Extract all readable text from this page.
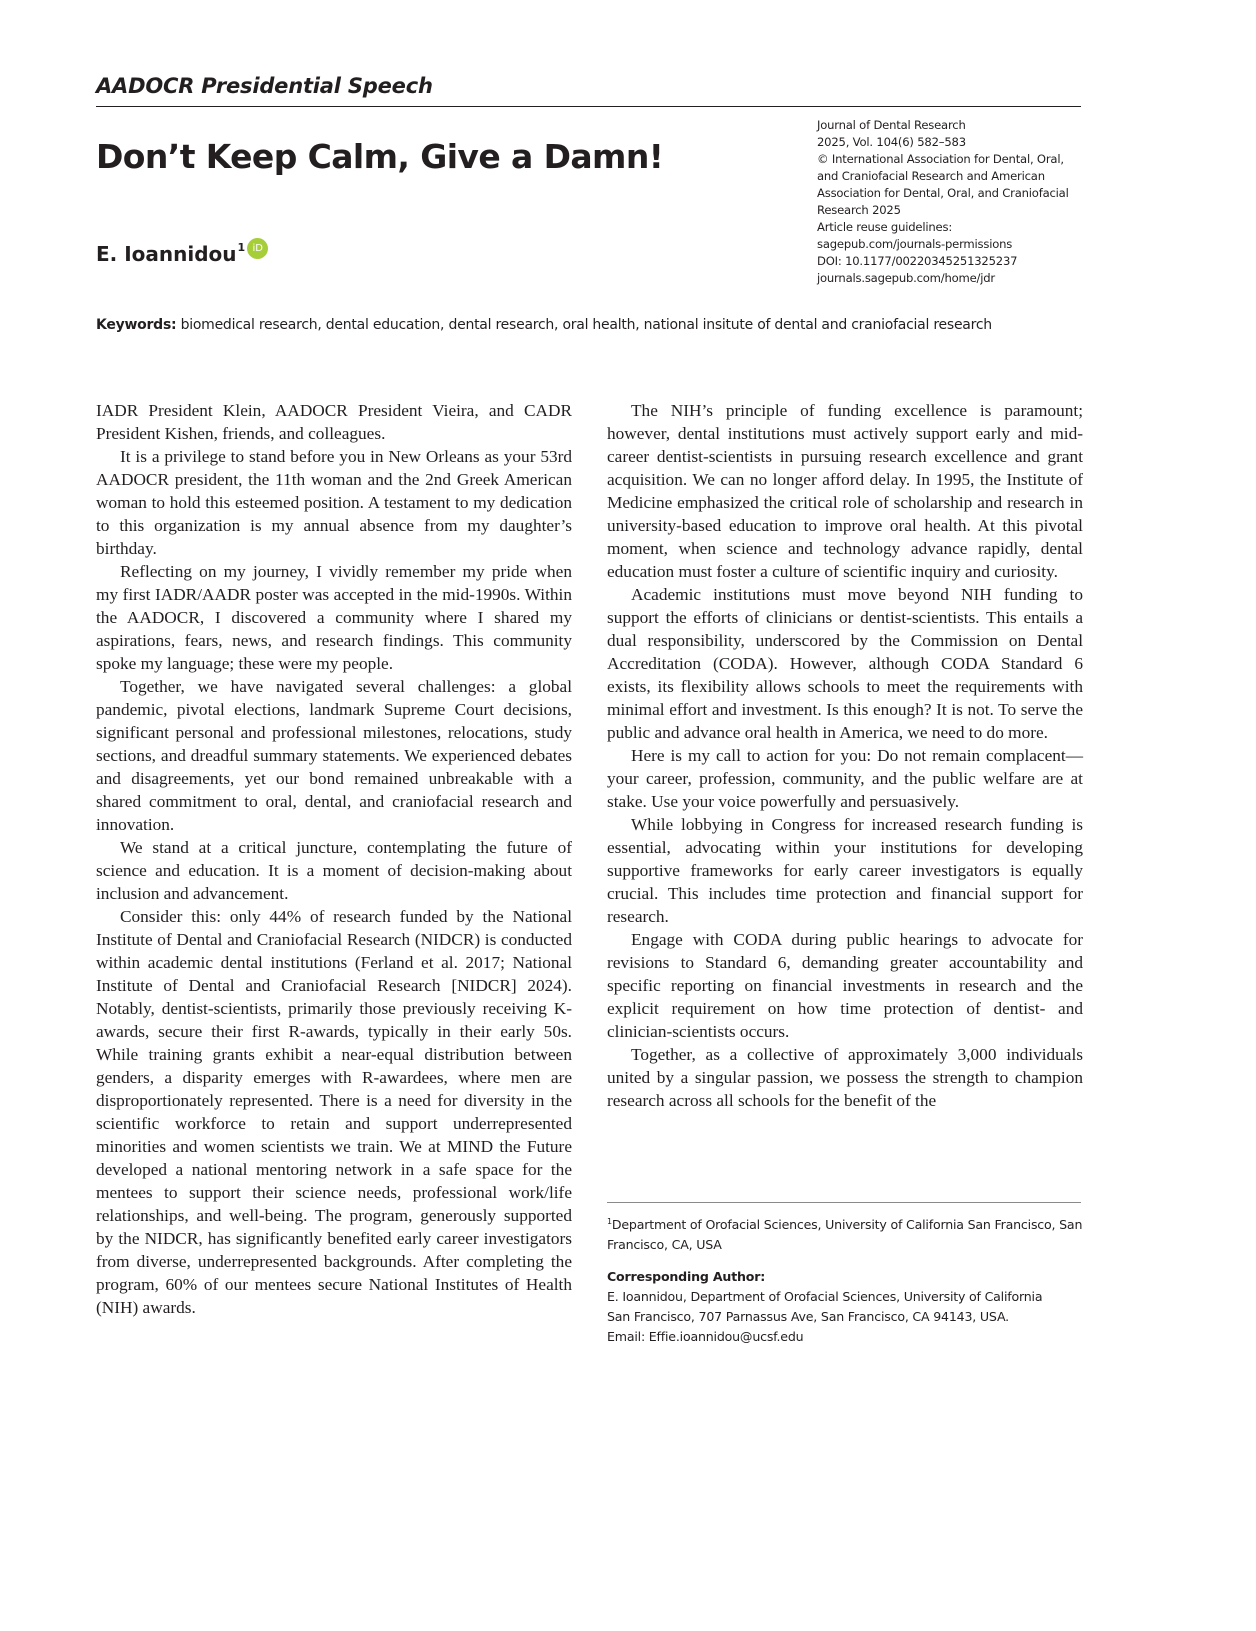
AADOCR Presidential Speech
Don’t Keep Calm, Give a Damn!
E. Ioannidou$^1$ iD
Journal of Dental Research
2025, Vol. 104(6) 582–583
© International Association for Dental, Oral,
and Craniofacial Research and American
Association for Dental, Oral, and Craniofacial
Research 2025
Article reuse guidelines:
sagepub.com/journals-permissions
DOI: 10.1177/00220345251325237
journals.sagepub.com/home/jdr
Keywords: biomedical research, dental education, dental research, oral health, national insitute of dental and craniofacial research

IADR President Klein, AADOCR President Vieira, and CADR President Kishen, friends, and colleagues.

It is a privilege to stand before you in New Orleans as your 53rd AADOCR president, the 11th woman and the 2nd Greek American woman to hold this esteemed position. A testament to my dedication to this organization is my annual absence from my daughter’s birthday.

Reflecting on my journey, I vividly remember my pride when my first IADR/AADR poster was accepted in the mid-1990s. Within the AADOCR, I discovered a community where I shared my aspirations, fears, news, and research findings. This community spoke my language; these were my people.

Together, we have navigated several challenges: a global pandemic, pivotal elections, landmark Supreme Court decisions, significant personal and professional milestones, relocations, study sections, and dreadful summary statements. We experienced debates and disagreements, yet our bond remained unbreakable with a shared commitment to oral, dental, and craniofacial research and innovation.

We stand at a critical juncture, contemplating the future of science and education. It is a moment of decision-making about inclusion and advancement.

Consider this: only 44% of research funded by the National Institute of Dental and Craniofacial Research (NIDCR) is conducted within academic dental institutions (Ferland et al. 2017; National Institute of Dental and Craniofacial Research [NIDCR] 2024). Notably, dentist-scientists, primarily those previously receiving K-awards, secure their first R-awards, typically in their early 50s. While training grants exhibit a near-equal distribution between genders, a disparity emerges with R-awardees, where men are disproportionately represented. There is a need for diversity in the scientific workforce to retain and support underrepresented minorities and women scientists we train. We at MIND the Future developed a national mentoring network in a safe space for the mentees to support their science needs, professional work/life relationships, and well-being. The program, generously supported by the NIDCR, has significantly benefited early career investigators from diverse, underrepresented backgrounds. After completing the program, 60% of our mentees secure National Institutes of Health (NIH) awards.

The NIH’s principle of funding excellence is paramount; however, dental institutions must actively support early and mid-career dentist-scientists in pursuing research excellence and grant acquisition. We can no longer afford delay. In 1995, the Institute of Medicine emphasized the critical role of scholarship and research in university-based education to improve oral health. At this pivotal moment, when science and technology advance rapidly, dental education must foster a culture of scientific inquiry and curiosity.

Academic institutions must move beyond NIH funding to support the efforts of clinicians or dentist-scientists. This entails a dual responsibility, underscored by the Commission on Dental Accreditation (CODA). However, although CODA Standard 6 exists, its flexibility allows schools to meet the requirements with minimal effort and investment. Is this enough? It is not. To serve the public and advance oral health in America, we need to do more.

Here is my call to action for you: Do not remain complacent—your career, profession, community, and the public welfare are at stake. Use your voice powerfully and persuasively.

While lobbying in Congress for increased research funding is essential, advocating within your institutions for developing supportive frameworks for early career investigators is equally crucial. This includes time protection and financial support for research.

Engage with CODA during public hearings to advocate for revisions to Standard 6, demanding greater accountability and specific reporting on financial investments in research and the explicit requirement on how time protection of dentist- and clinician-scientists occurs.

Together, as a collective of approximately 3,000 individuals united by a singular passion, we possess the strength to champion research across all schools for the benefit of the

$^1$Department of Orofacial Sciences, University of California San Francisco, San Francisco, CA, USA
Corresponding Author:
E. Ioannidou, Department of Orofacial Sciences, University of California
San Francisco, 707 Parnassus Ave, San Francisco, CA 94143, USA.
Email: Effie.ioannidou@ucsf.edu
